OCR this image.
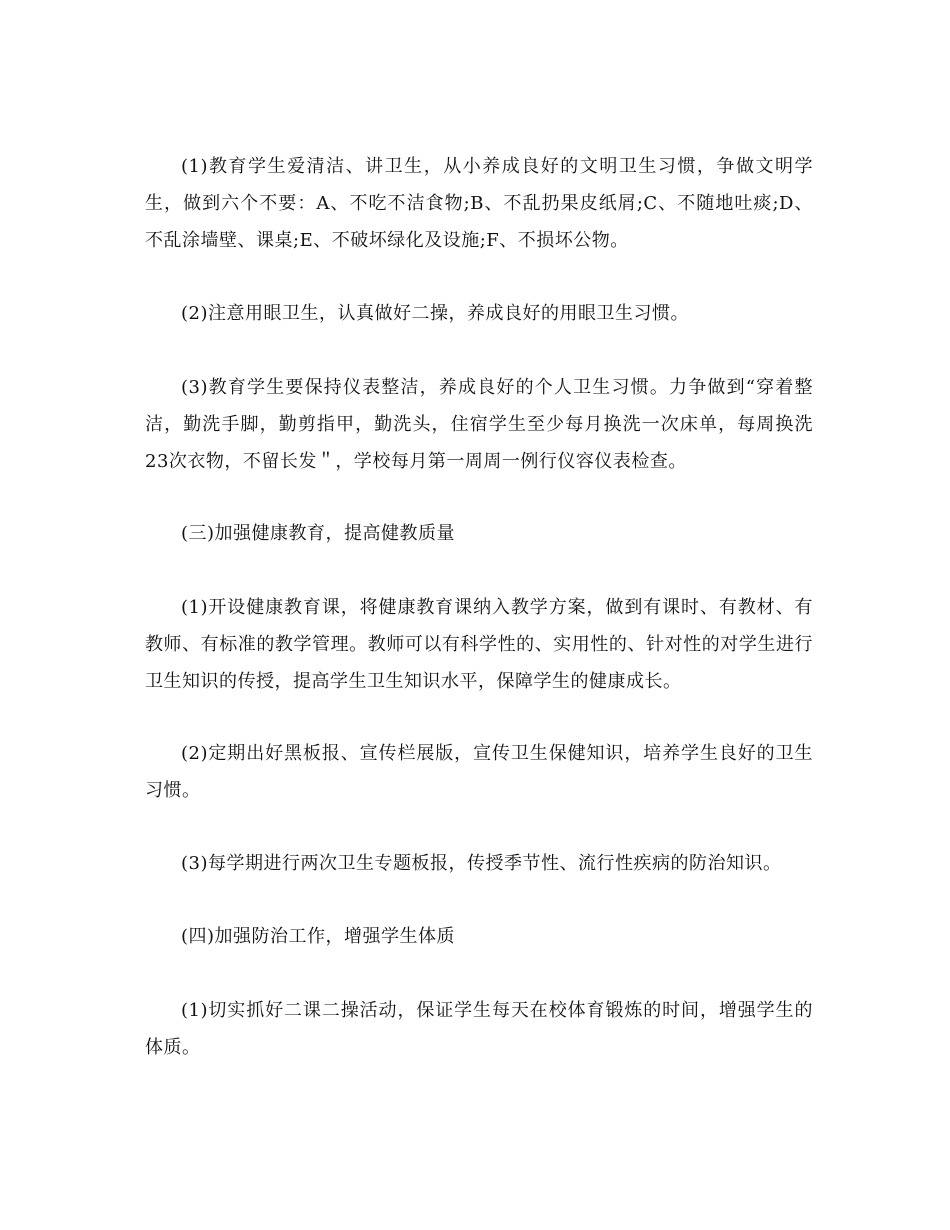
(1)教育学生爱清洁、讲卫生，从小养成良好的文明卫生习惯，争做文明学生，做到六个不要：A、不吃不洁食物;B、不乱扔果皮纸屑;C、不随地吐痰;D、不乱涂墙壁、课桌;E、不破坏绿化及设施;F、不损坏公物。

(2)注意用眼卫生，认真做好二操，养成良好的用眼卫生习惯。

(3)教育学生要保持仪表整洁，养成良好的个人卫生习惯。力争做到“穿着整洁，勤洗手脚，勤剪指甲，勤洗头，住宿学生至少每月换洗一次床单，每周换洗23次衣物，不留长发＂，学校每月第一周周一例行仪容仪表检查。

(三)加强健康教育，提高健教质量

(1)开设健康教育课，将健康教育课纳入教学方案，做到有课时、有教材、有教师、有标准的教学管理。教师可以有科学性的、实用性的、针对性的对学生进行卫生知识的传授，提高学生卫生知识水平，保障学生的健康成长。

(2)定期出好黑板报、宣传栏展版，宣传卫生保健知识，培养学生良好的卫生习惯。

(3)每学期进行两次卫生专题板报，传授季节性、流行性疾病的防治知识。

(四)加强防治工作，增强学生体质

(1)切实抓好二课二操活动，保证学生每天在校体育锻炼的时间，增强学生的体质。
